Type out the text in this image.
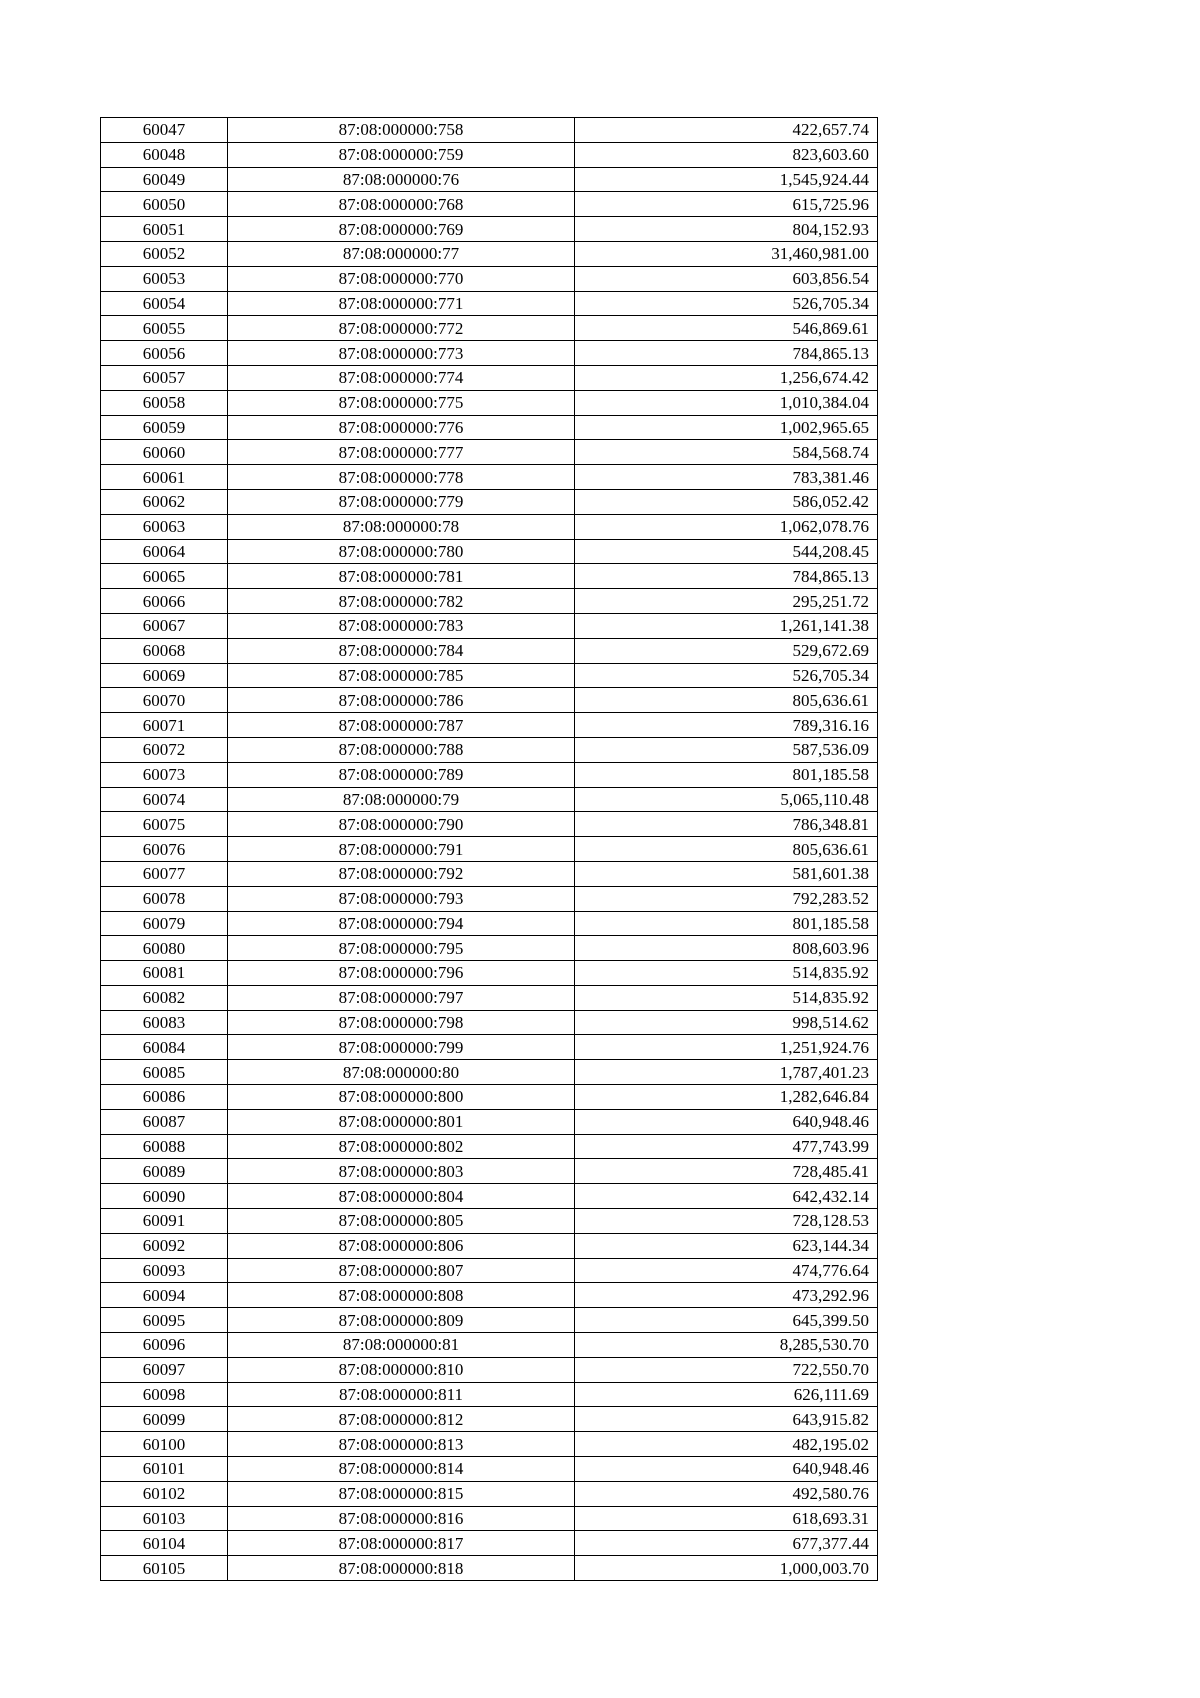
60047	87:08:000000:758	422,657.74
60048	87:08:000000:759	823,603.60
60049	87:08:000000:76	1,545,924.44
60050	87:08:000000:768	615,725.96
60051	87:08:000000:769	804,152.93
60052	87:08:000000:77	31,460,981.00
60053	87:08:000000:770	603,856.54
60054	87:08:000000:771	526,705.34
60055	87:08:000000:772	546,869.61
60056	87:08:000000:773	784,865.13
60057	87:08:000000:774	1,256,674.42
60058	87:08:000000:775	1,010,384.04
60059	87:08:000000:776	1,002,965.65
60060	87:08:000000:777	584,568.74
60061	87:08:000000:778	783,381.46
60062	87:08:000000:779	586,052.42
60063	87:08:000000:78	1,062,078.76
60064	87:08:000000:780	544,208.45
60065	87:08:000000:781	784,865.13
60066	87:08:000000:782	295,251.72
60067	87:08:000000:783	1,261,141.38
60068	87:08:000000:784	529,672.69
60069	87:08:000000:785	526,705.34
60070	87:08:000000:786	805,636.61
60071	87:08:000000:787	789,316.16
60072	87:08:000000:788	587,536.09
60073	87:08:000000:789	801,185.58
60074	87:08:000000:79	5,065,110.48
60075	87:08:000000:790	786,348.81
60076	87:08:000000:791	805,636.61
60077	87:08:000000:792	581,601.38
60078	87:08:000000:793	792,283.52
60079	87:08:000000:794	801,185.58
60080	87:08:000000:795	808,603.96
60081	87:08:000000:796	514,835.92
60082	87:08:000000:797	514,835.92
60083	87:08:000000:798	998,514.62
60084	87:08:000000:799	1,251,924.76
60085	87:08:000000:80	1,787,401.23
60086	87:08:000000:800	1,282,646.84
60087	87:08:000000:801	640,948.46
60088	87:08:000000:802	477,743.99
60089	87:08:000000:803	728,485.41
60090	87:08:000000:804	642,432.14
60091	87:08:000000:805	728,128.53
60092	87:08:000000:806	623,144.34
60093	87:08:000000:807	474,776.64
60094	87:08:000000:808	473,292.96
60095	87:08:000000:809	645,399.50
60096	87:08:000000:81	8,285,530.70
60097	87:08:000000:810	722,550.70
60098	87:08:000000:811	626,111.69
60099	87:08:000000:812	643,915.82
60100	87:08:000000:813	482,195.02
60101	87:08:000000:814	640,948.46
60102	87:08:000000:815	492,580.76
60103	87:08:000000:816	618,693.31
60104	87:08:000000:817	677,377.44
60105	87:08:000000:818	1,000,003.70
